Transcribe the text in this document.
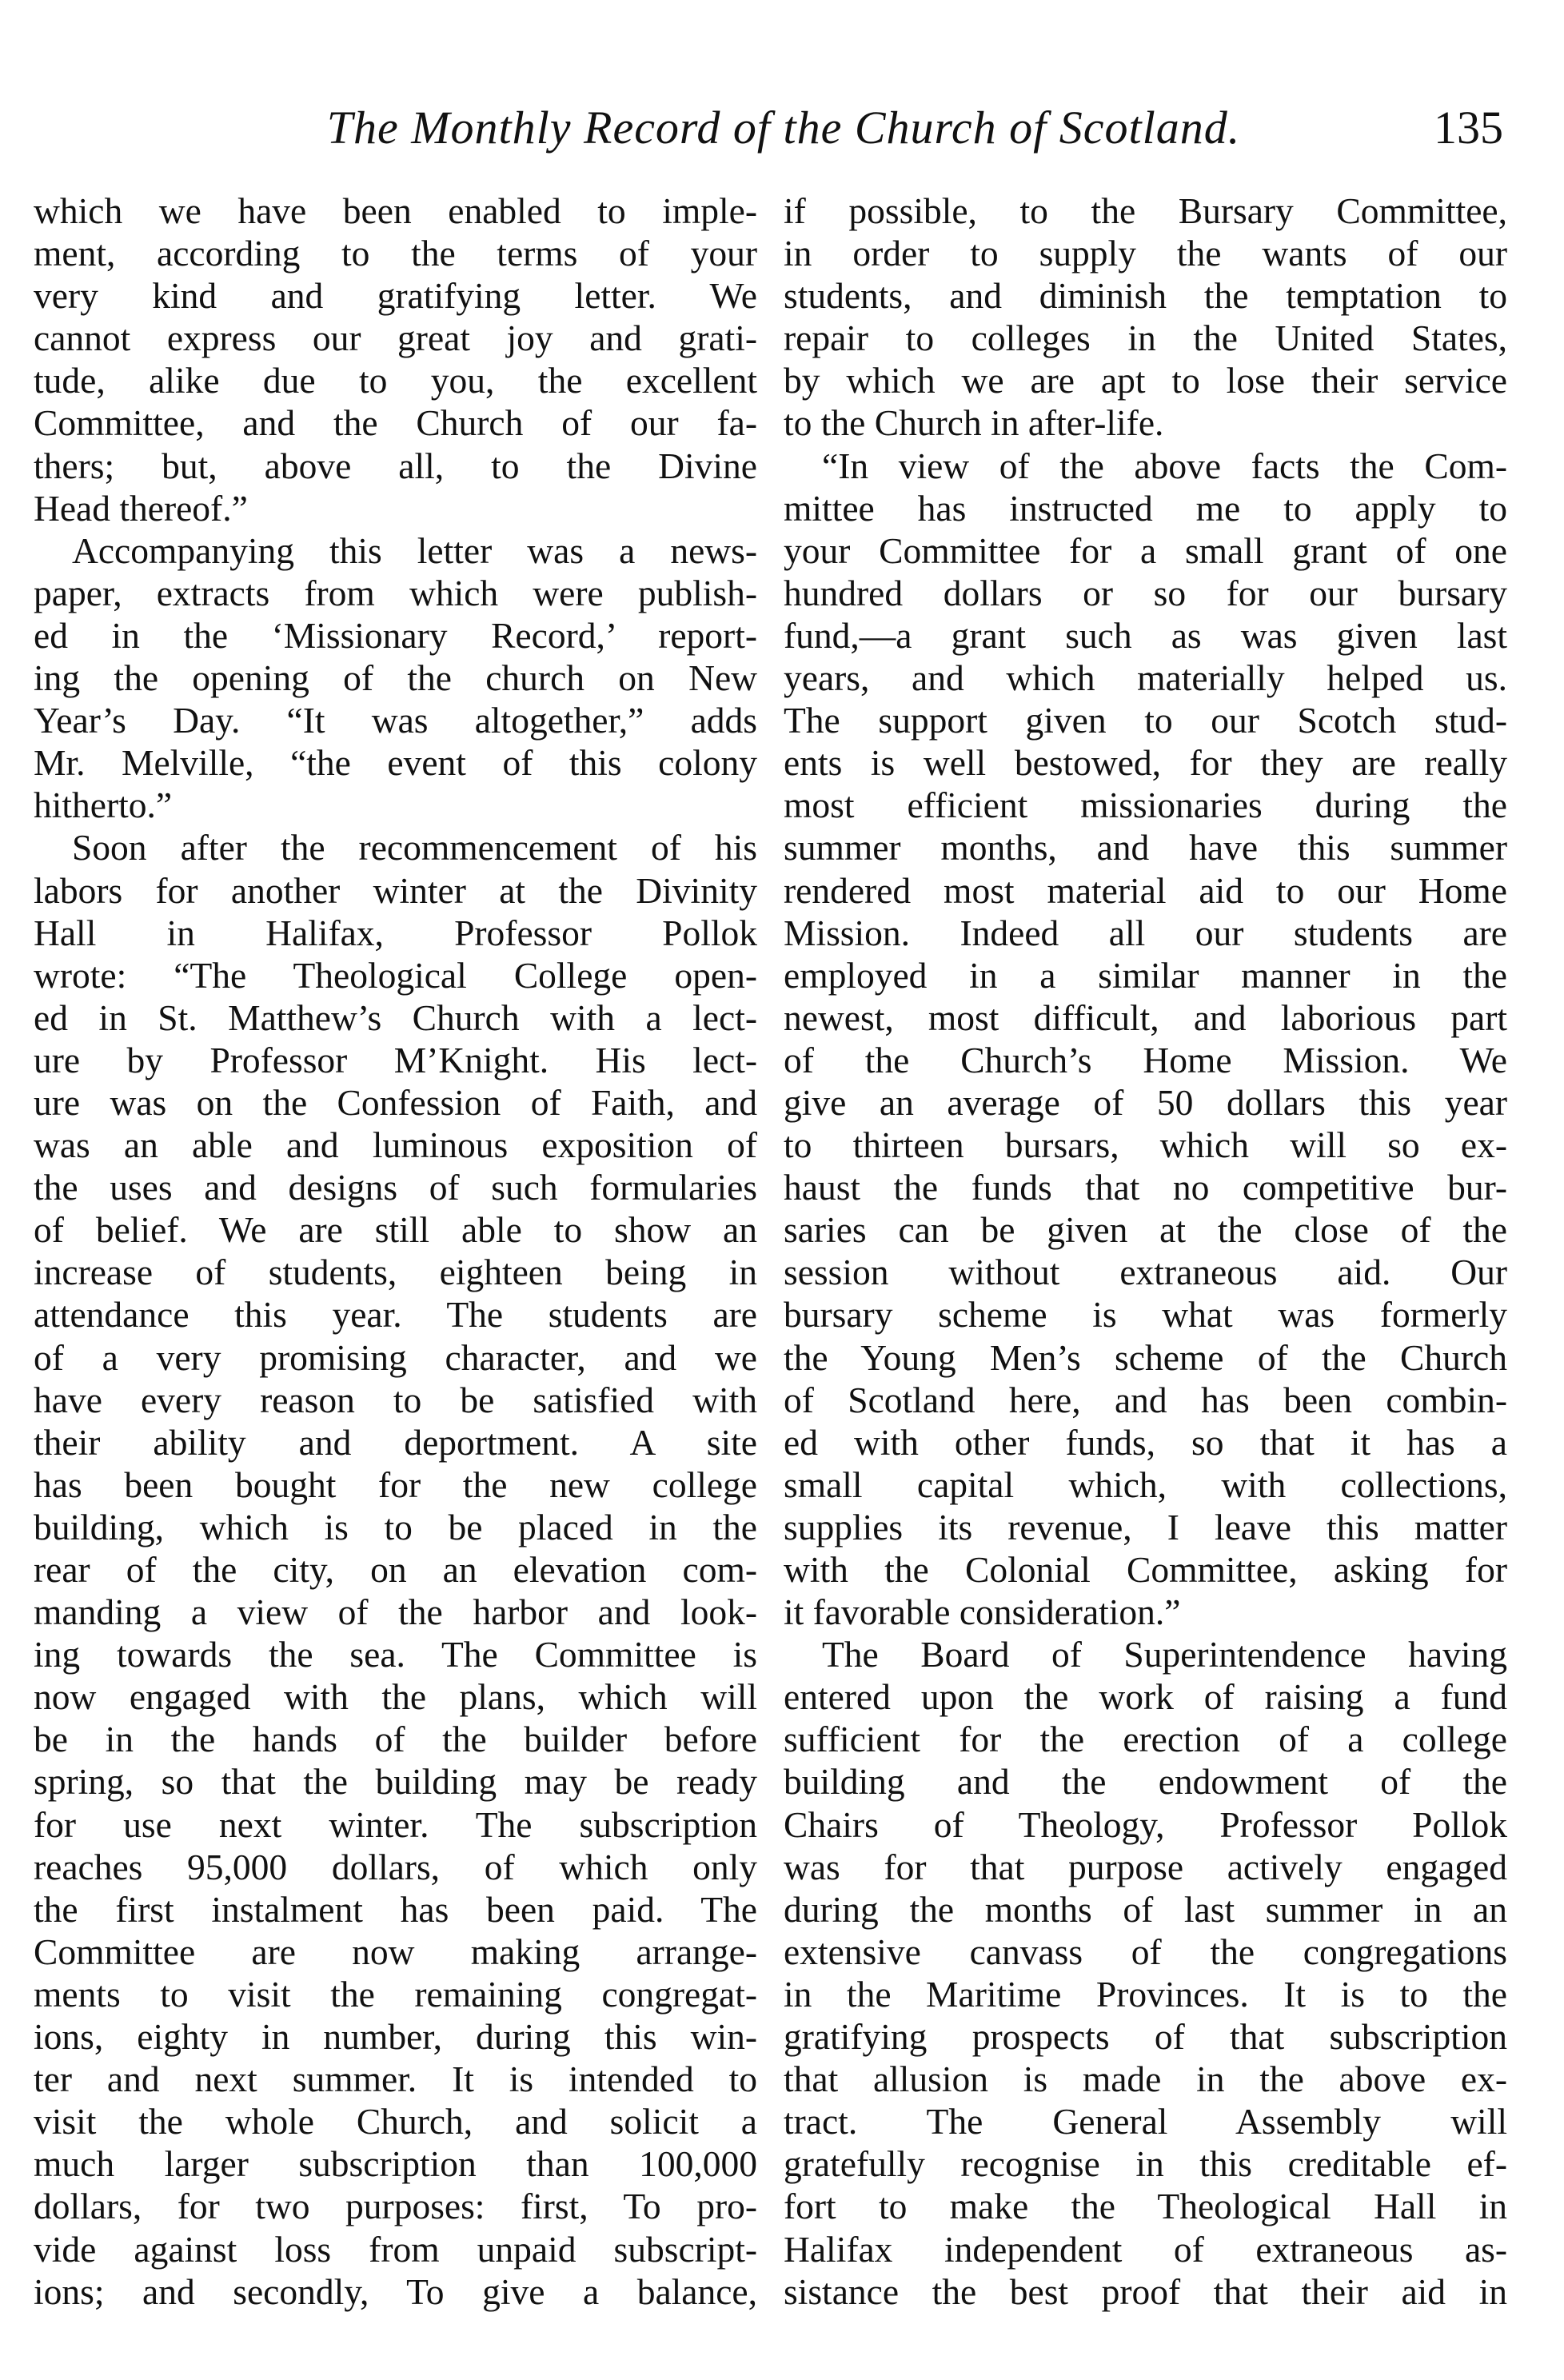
The Monthly Record of the Church of Scotland.	135
which we have been enabled to imple-
ment, according to the terms of your
very kind and gratifying letter. We
cannot express our great joy and grati-
tude, alike due to you, the excellent
Committee, and the Church of our fa-
thers; but, above all, to the Divine
Head thereof.”
Accompanying this letter was a news-
paper, extracts from which were publish-
ed in the ‘Missionary Record,’ report-
ing the opening of the church on New
Year’s Day. “It was altogether,” adds
Mr. Melville, “the event of this colony
hitherto.”
Soon after the recommencement of his
labors for another winter at the Divinity
Hall in Halifax, Professor Pollok
wrote: “The Theological College open-
ed in St. Matthew’s Church with a lect-
ure by Professor M’Knight. His lect-
ure was on the Confession of Faith, and
was an able and luminous exposition of
the uses and designs of such formularies
of belief. We are still able to show an
increase of students, eighteen being in
attendance this year. The students are
of a very promising character, and we
have every reason to be satisfied with
their ability and deportment. A site
has been bought for the new college
building, which is to be placed in the
rear of the city, on an elevation com-
manding a view of the harbor and look-
ing towards the sea. The Committee is
now engaged with the plans, which will
be in the hands of the builder before
spring, so that the building may be ready
for use next winter. The subscription
reaches 95,000 dollars, of which only
the first instalment has been paid. The
Committee are now making arrange-
ments to visit the remaining congregat-
ions, eighty in number, during this win-
ter and next summer. It is intended to
visit the whole Church, and solicit a
much larger subscription than 100,000
dollars, for two purposes: first, To pro-
vide against loss from unpaid subscript-
ions; and secondly, To give a balance,
if possible, to the Bursary Committee,
in order to supply the wants of our
students, and diminish the temptation to
repair to colleges in the United States,
by which we are apt to lose their service
to the Church in after-life.
“In view of the above facts the Com-
mittee has instructed me to apply to
your Committee for a small grant of one
hundred dollars or so for our bursary
fund,—a grant such as was given last
years, and which materially helped us.
The support given to our Scotch stud-
ents is well bestowed, for they are really
most efficient missionaries during the
summer months, and have this summer
rendered most material aid to our Home
Mission. Indeed all our students are
employed in a similar manner in the
newest, most difficult, and laborious part
of the Church’s Home Mission. We
give an average of 50 dollars this year
to thirteen bursars, which will so ex-
haust the funds that no competitive bur-
saries can be given at the close of the
session without extraneous aid. Our
bursary scheme is what was formerly
the Young Men’s scheme of the Church
of Scotland here, and has been combin-
ed with other funds, so that it has a
small capital which, with collections,
supplies its revenue, I leave this matter
with the Colonial Committee, asking for
it favorable consideration.”
The Board of Superintendence having
entered upon the work of raising a fund
sufficient for the erection of a college
building and the endowment of the
Chairs of Theology, Professor Pollok
was for that purpose actively engaged
during the months of last summer in an
extensive canvass of the congregations
in the Maritime Provinces. It is to the
gratifying prospects of that subscription
that allusion is made in the above ex-
tract. The General Assembly will
gratefully recognise in this creditable ef-
fort to make the Theological Hall in
Halifax independent of extraneous as-
sistance the best proof that their aid in
